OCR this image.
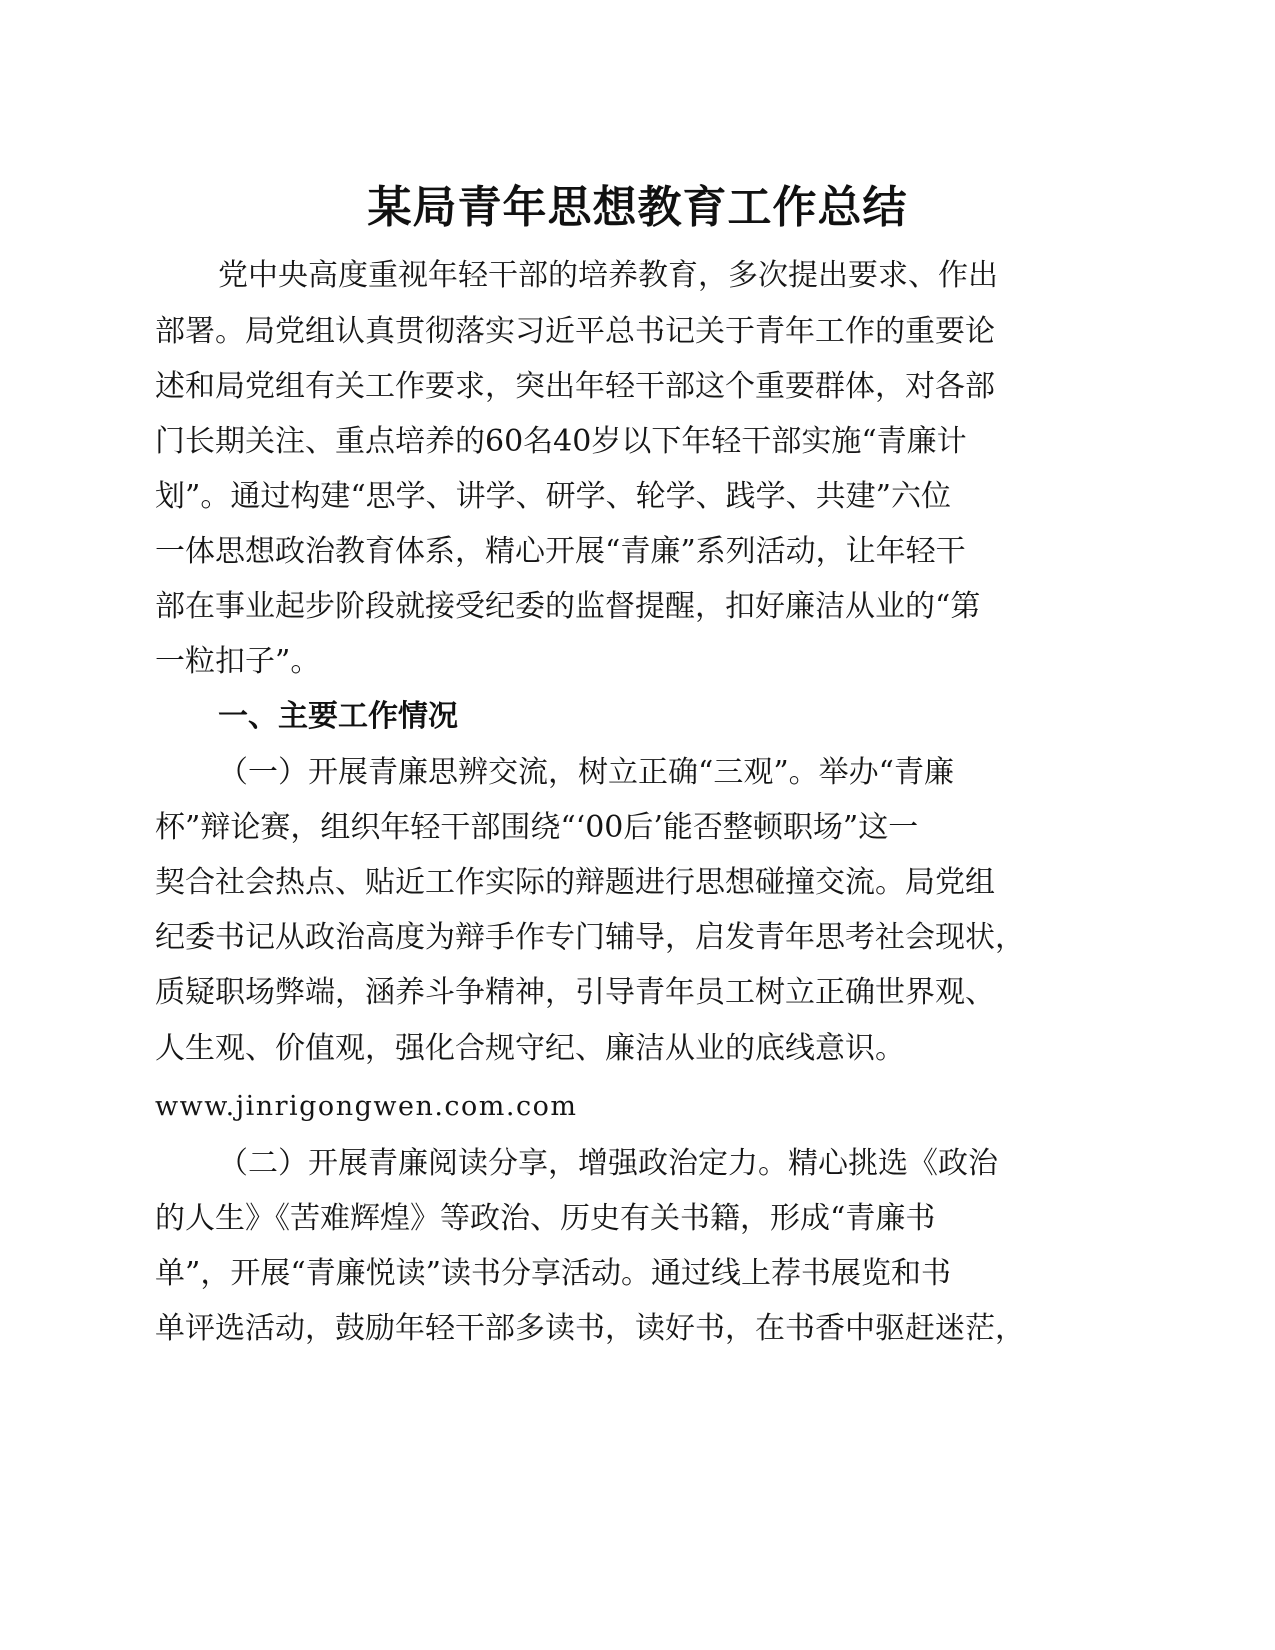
某局青年思想教育工作总结
党中央高度重视年轻干部的培养教育，多次提出要求、作出
部署。局党组认真贯彻落实习近平总书记关于青年工作的重要论
述和局党组有关工作要求，突出年轻干部这个重要群体，对各部
门长期关注、重点培养的60名40岁以下年轻干部实施“青廉计
划”。通过构建“思学、讲学、研学、轮学、践学、共建”六位
一体思想政治教育体系，精心开展“青廉”系列活动，让年轻干
部在事业起步阶段就接受纪委的监督提醒，扣好廉洁从业的“第
一粒扣子”。
一、主要工作情况
（一）开展青廉思辨交流，树立正确“三观”。举办“青廉
杯”辩论赛，组织年轻干部围绕“‘00后’能否整顿职场”这一
契合社会热点、贴近工作实际的辩题进行思想碰撞交流。局党组
纪委书记从政治高度为辩手作专门辅导，启发青年思考社会现状，
质疑职场弊端，涵养斗争精神，引导青年员工树立正确世界观、
人生观、价值观，强化合规守纪、廉洁从业的底线意识。
www.jinrigongwen.com.com
（二）开展青廉阅读分享，增强政治定力。精心挑选《政治
的人生》《苦难辉煌》等政治、历史有关书籍，形成“青廉书
单”，开展“青廉悦读”读书分享活动。通过线上荐书展览和书
单评选活动，鼓励年轻干部多读书，读好书，在书香中驱赶迷茫，
